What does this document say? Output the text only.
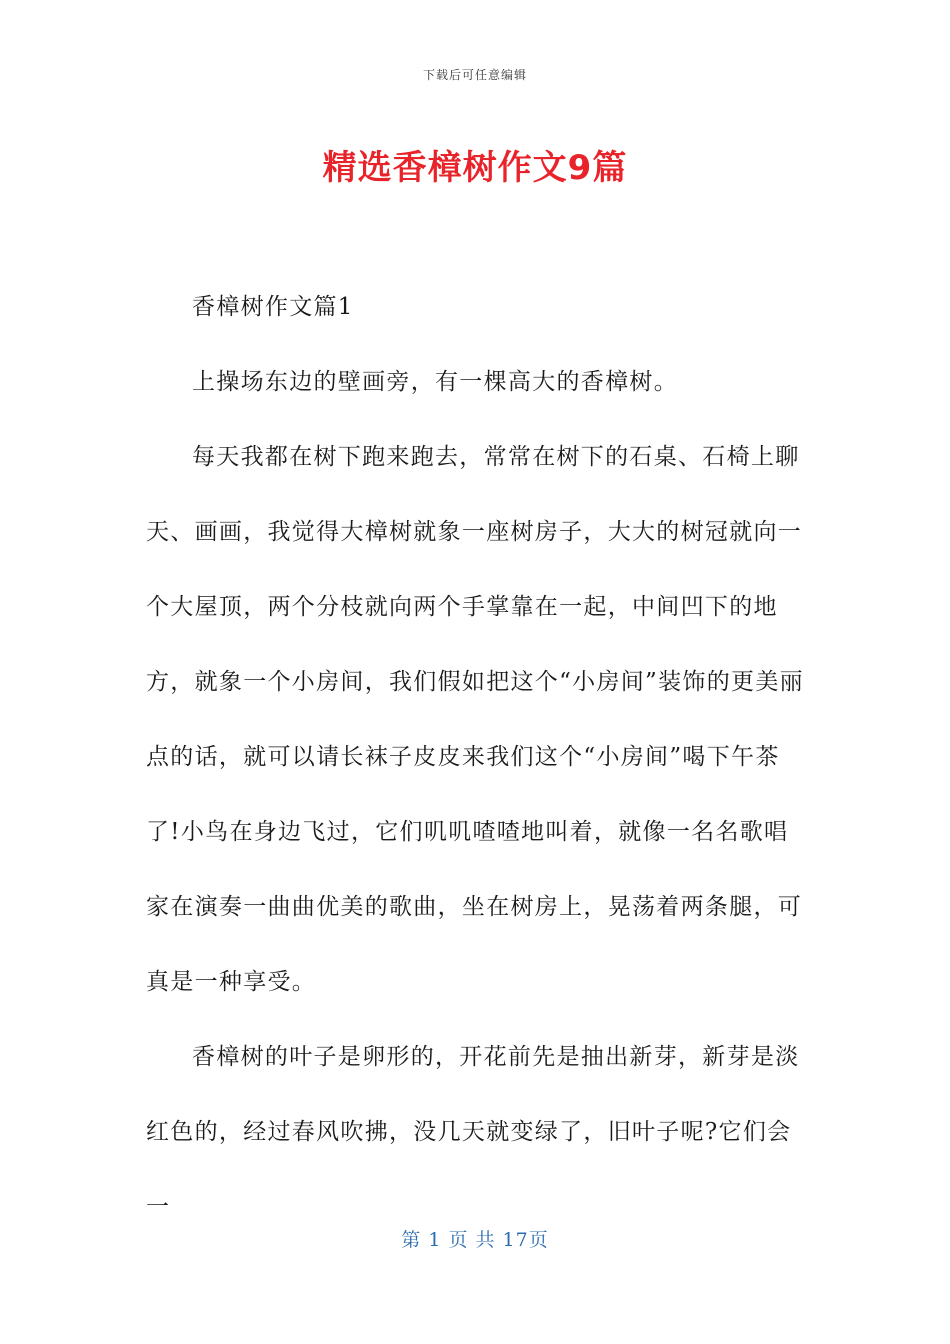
下载后可任意编辑
精选香樟树作文9篇

香樟树作文篇1

上操场东边的壁画旁，有一棵高大的香樟树。

每天我都在树下跑来跑去，常常在树下的石桌、石椅上聊天、画画，我觉得大樟树就象一座树房子，大大的树冠就向一个大屋顶，两个分枝就向两个手掌靠在一起，中间凹下的地方，就象一个小房间，我们假如把这个“小房间”装饰的更美丽点的话，就可以请长袜子皮皮来我们这个“小房间”喝下午茶了!小鸟在身边飞过，它们叽叽喳喳地叫着，就像一名名歌唱家在演奏一曲曲优美的歌曲，坐在树房上，晃荡着两条腿，可真是一种享受。

香樟树的叶子是卵形的，开花前先是抽出新芽，新芽是淡红色的，经过春风吹拂，没几天就变绿了，旧叶子呢?它们会一

第 1 页 共 17页
